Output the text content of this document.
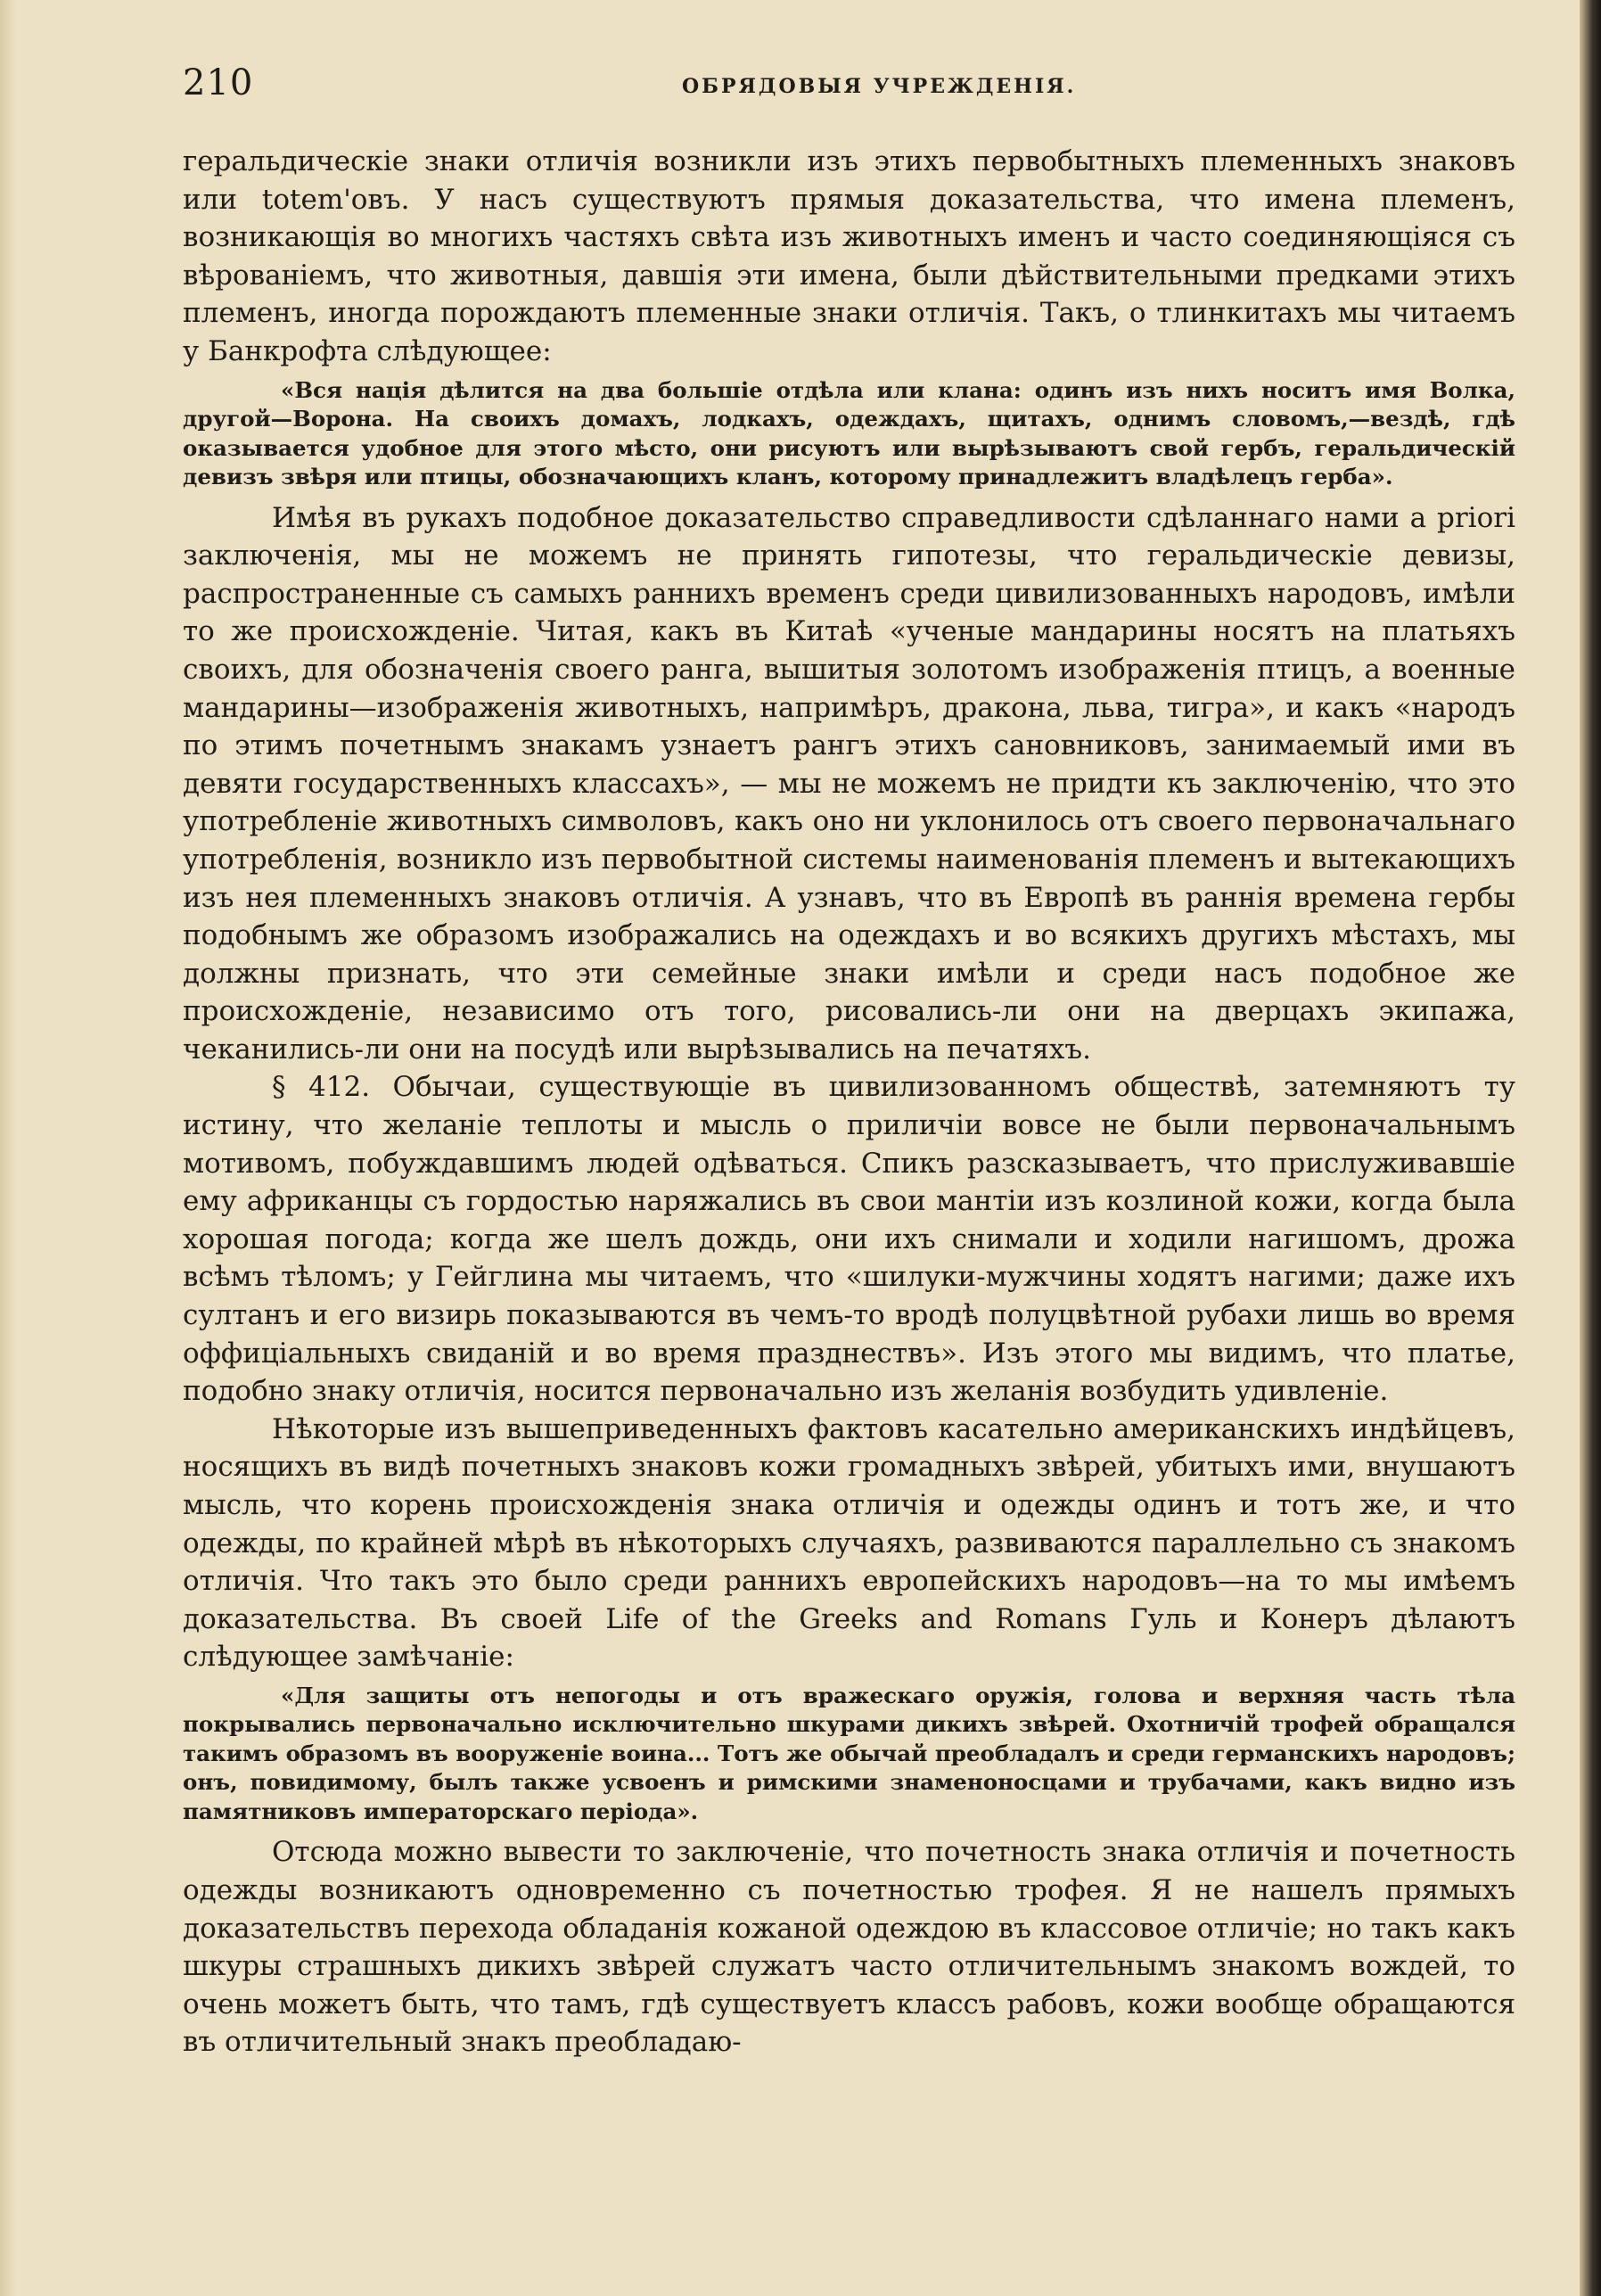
210	ОБРЯДОВЫЯ УЧРЕЖДЕНІЯ.

геральдическіе знаки отличія возникли изъ этихъ первобытныхъ племенныхъ знаковъ или totem'овъ. У насъ существуютъ прямыя доказательства, что имена племенъ, возникающія во многихъ частяхъ свѣта изъ животныхъ именъ и часто соединяющіяся съ вѣрованіемъ, что животныя, давшія эти имена, были дѣйствительными предками этихъ племенъ, иногда порождаютъ племенные знаки отличія. Такъ, о тлинкитахъ мы читаемъ у Банкрофта слѣдующее:

«Вся нація дѣлится на два большіе отдѣла или клана: одинъ изъ нихъ носитъ имя Волка, другой—Ворона. На своихъ домахъ, лодкахъ, одеждахъ, щитахъ, однимъ словомъ,—вездѣ, гдѣ оказывается удобное для этого мѣсто, они рисуютъ или вырѣзываютъ свой гербъ, геральдическій девизъ звѣря или птицы, обозначающихъ кланъ, которому принадлежитъ владѣлецъ герба».

Имѣя въ рукахъ подобное доказательство справедливости сдѣланнаго нами a priori заключенія, мы не можемъ не принять гипотезы, что геральдическіе девизы, распространенные съ самыхъ раннихъ временъ среди цивилизованныхъ народовъ, имѣли то же происхожденіе. Читая, какъ въ Китаѣ «ученые мандарины носятъ на платьяхъ своихъ, для обозначенія своего ранга, вышитыя золотомъ изображенія птицъ, а военные мандарины—изображенія животныхъ, напримѣръ, дракона, льва, тигра», и какъ «народъ по этимъ почетнымъ знакамъ узнаетъ рангъ этихъ сановниковъ, занимаемый ими въ девяти государственныхъ классахъ», — мы не можемъ не придти къ заключенію, что это употребленіе животныхъ символовъ, какъ оно ни уклонилось отъ своего первоначальнаго употребленія, возникло изъ первобытной системы наименованія племенъ и вытекающихъ изъ нея племенныхъ знаковъ отличія. А узнавъ, что въ Европѣ въ раннія времена гербы подобнымъ же образомъ изображались на одеждахъ и во всякихъ другихъ мѣстахъ, мы должны признать, что эти семейные знаки имѣли и среди насъ подобное же происхожденіе, независимо отъ того, рисовались-ли они на дверцахъ экипажа, чеканились-ли они на посудѣ или вырѣзывались на печатяхъ.

§ 412. Обычаи, существующіе въ цивилизованномъ обществѣ, затемняютъ ту истину, что желаніе теплоты и мысль о приличіи вовсе не были первоначальнымъ мотивомъ, побуждавшимъ людей одѣваться. Спикъ разсказываетъ, что прислуживавшіе ему африканцы съ гордостью наряжались въ свои мантіи изъ козлиной кожи, когда была хорошая погода; когда же шелъ дождь, они ихъ снимали и ходили нагишомъ, дрожа всѣмъ тѣломъ; у Гейглина мы читаемъ, что «шилуки-мужчины ходятъ нагими; даже ихъ султанъ и его визирь показываются въ чемъ-то вродѣ полуцвѣтной рубахи лишь во время оффиціальныхъ свиданій и во время празднествъ». Изъ этого мы видимъ, что платье, подобно знаку отличія, носится первоначально изъ желанія возбудить удивленіе.

Нѣкоторые изъ вышеприведенныхъ фактовъ касательно американскихъ индѣйцевъ, носящихъ въ видѣ почетныхъ знаковъ кожи громадныхъ звѣрей, убитыхъ ими, внушаютъ мысль, что корень происхожденія знака отличія и одежды одинъ и тотъ же, и что одежды, по крайней мѣрѣ въ нѣкоторыхъ случаяхъ, развиваются параллельно съ знакомъ отличія. Что такъ это было среди раннихъ европейскихъ народовъ—на то мы имѣемъ доказательства. Въ своей Life of the Greeks and Romans Гуль и Конеръ дѣлаютъ слѣдующее замѣчаніе:

«Для защиты отъ непогоды и отъ вражескаго оружія, голова и верхняя часть тѣла покрывались первоначально исключительно шкурами дикихъ звѣрей. Охотничій трофей обращался такимъ образомъ въ вооруженіе воина... Тотъ же обычай преобладалъ и среди германскихъ народовъ; онъ, повидимому, былъ также усвоенъ и римскими знаменоносцами и трубачами, какъ видно изъ памятниковъ императорскаго періода».

Отсюда можно вывести то заключеніе, что почетность знака отличія и почетность одежды возникаютъ одновременно съ почетностью трофея. Я не нашелъ прямыхъ доказательствъ перехода обладанія кожаной одеждою въ классовое отличіе; но такъ какъ шкуры страшныхъ дикихъ звѣрей служатъ часто отличительнымъ знакомъ вождей, то очень можетъ быть, что тамъ, гдѣ существуетъ классъ рабовъ, кожи вообще обращаются въ отличительный знакъ преобладаю-
